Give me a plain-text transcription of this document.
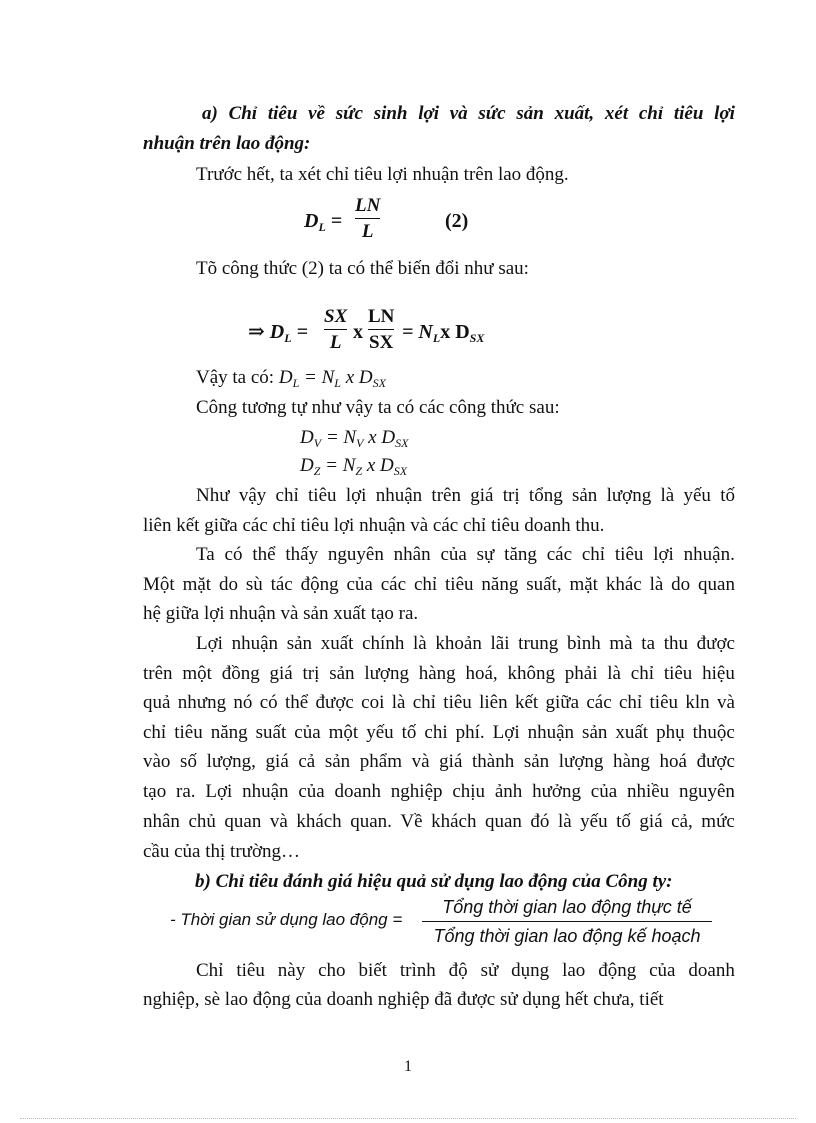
a) Chỉ tiêu về sức sinh lợi và sức sản xuất, xét chỉ tiêu lợi
nhuận trên lao động:
Trước hết, ta xét chỉ tiêu lợi nhuận trên lao động.
$D_L$ =
LN
L	(2)
Tõ công thức (2) ta có thể biến đổi như sau:
⇒ $D_L$ =
SX
L x
LN
SX = $N_Lx$ $D_{SX}$
Vậy ta có: $D_L = N_L$ x $D_{SX}$
Công tương tự như vậy ta có các công thức sau:
$D_V = N_V$ x $D_{SX}$
$D_Z = N_Z$ x $D_{SX}$
Như vậy chỉ tiêu lợi nhuận trên giá trị tổng sản lượng là yếu tố
liên kết giữa các chỉ tiêu lợi nhuận và các chỉ tiêu doanh thu.
Ta có thể thấy nguyên nhân của sự tăng các chỉ tiêu lợi nhuận.
Một mặt do sù tác động của các chỉ tiêu năng suất, mặt khác là do quan
hệ giữa lợi nhuận và sản xuất tạo ra.
Lợi nhuận sản xuất chính là khoản lãi trung bình mà ta thu được
trên một đồng giá trị sản lượng hàng hoá, không phải là chỉ tiêu hiệu
quả nhưng nó có thể được coi là chỉ tiêu liên kết giữa các chỉ tiêu kln và
chỉ tiêu năng suất của một yếu tố chi phí. Lợi nhuận sản xuất phụ thuộc
vào số lượng, giá cả sản phẩm và giá thành sản lượng hàng hoá được
tạo ra. Lợi nhuận của doanh nghiệp chịu ảnh hưởng của nhiều nguyên
nhân chủ quan và khách quan. Về khách quan đó là yếu tố giá cả, mức
cầu của thị trường…
b) Chỉ tiêu đánh giá hiệu quả sử dụng lao động của Công ty:
- Thời gian sử dụng lao động =
Tổng thời gian lao động thực tế
Tổng thời gian lao động kế hoạch
Chỉ tiêu này cho biết trình độ sử dụng lao động của doanh
nghiệp, sè lao động của doanh nghiệp đã được sử dụng hết chưa, tiết
1
